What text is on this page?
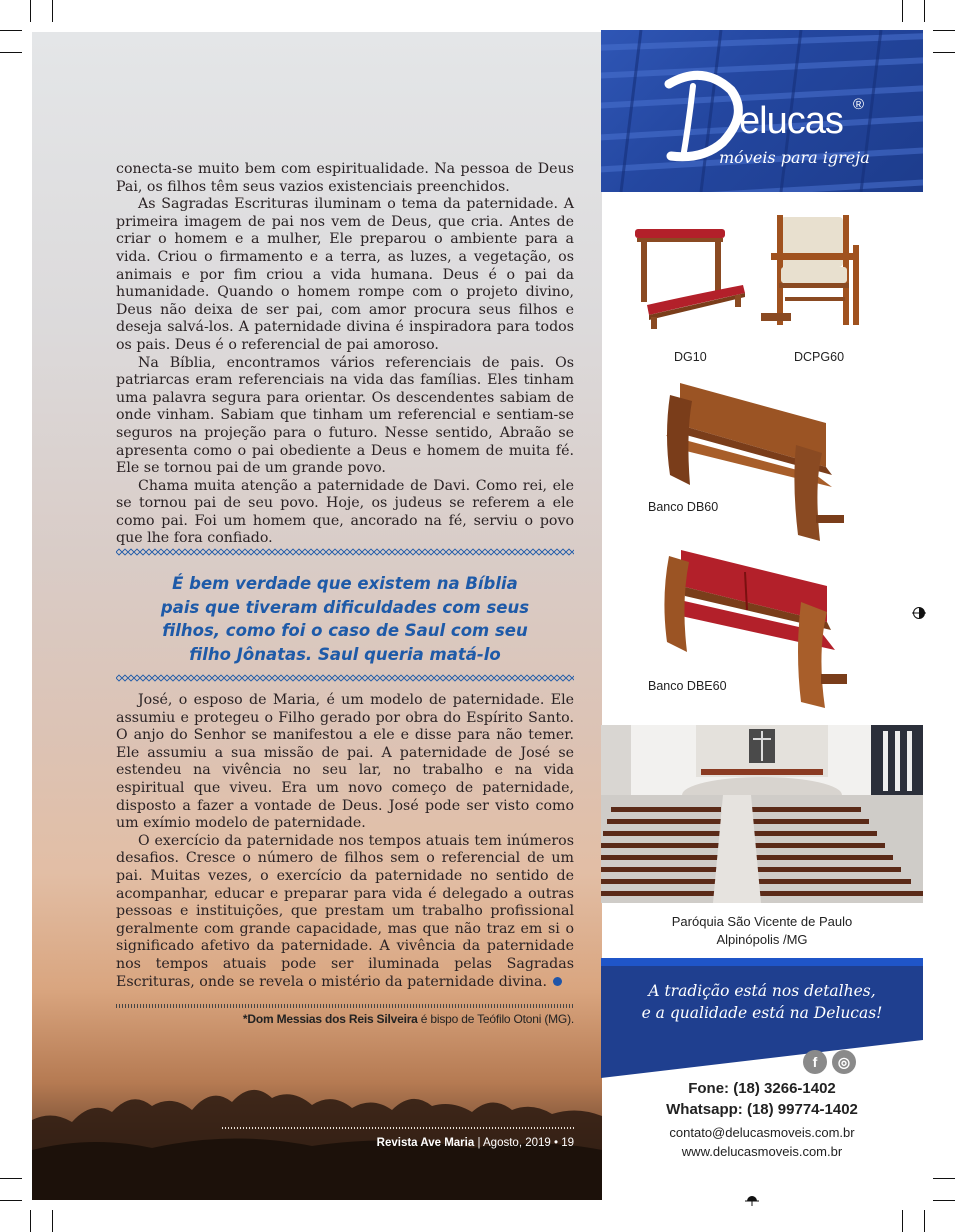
conecta-se muito bem com espiritualidade. Na pessoa de Deus Pai, os filhos têm seus vazios existenciais preenchidos.

As Sagradas Escrituras iluminam o tema da paternidade. A primeira imagem de pai nos vem de Deus, que cria. Antes de criar o homem e a mulher, Ele preparou o ambiente para a vida. Criou o firmamento e a terra, as luzes, a vegetação, os animais e por fim criou a vida humana. Deus é o pai da humanidade. Quando o homem rompe com o projeto divino, Deus não deixa de ser pai, com amor procura seus filhos e deseja salvá-los. A paternidade divina é inspiradora para todos os pais. Deus é o referencial de pai amoroso.

Na Bíblia, encontramos vários referenciais de pais. Os patriarcas eram referenciais na vida das famílias. Eles tinham uma palavra segura para orientar. Os descendentes sabiam de onde vinham. Sabiam que tinham um referencial e sentiam-se seguros na projeção para o futuro. Nesse sentido, Abraão se apresenta como o pai obediente a Deus e homem de muita fé. Ele se tornou pai de um grande povo.

Chama muita atenção a paternidade de Davi. Como rei, ele se tornou pai de seu povo. Hoje, os judeus se referem a ele como pai. Foi um homem que, ancorado na fé, serviu o povo que lhe fora confiado.

É bem verdade que existem na Bíblia
pais que tiveram dificuldades com seus
filhos, como foi o caso de Saul com seu
filho Jônatas. Saul queria matá-lo

José, o esposo de Maria, é um modelo de paternidade. Ele assumiu e protegeu o Filho gerado por obra do Espírito Santo. O anjo do Senhor se manifestou a ele e disse para não temer. Ele assumiu a sua missão de pai. A paternidade de José se estendeu na vivência no seu lar, no trabalho e na vida espiritual que viveu. Era um novo começo de paternidade, disposto a fazer a vontade de Deus. José pode ser visto como um exímio modelo de paternidade.

O exercício da paternidade nos tempos atuais tem inúmeros desafios. Cresce o número de filhos sem o referencial de um pai. Muitas vezes, o exercício da paternidade no sentido de acompanhar, educar e preparar para vida é delegado a outras pessoas e instituições, que prestam um trabalho profissional geralmente com grande capacidade, mas que não traz em si o significado afetivo da paternidade. A vivência da paternidade nos tempos atuais pode ser iluminada pelas Sagradas Escrituras, onde se revela o mistério da paternidade divina.

*Dom Messias dos Reis Silveira é bispo de Teófilo Otoni (MG).
Revista Ave Maria | Agosto, 2019 • 19
elucas ®
móveis para igreja
DG10	DCPG60
Banco DB60
Banco DBE60
Paróquia São Vicente de Paulo
Alpinópolis /MG
A tradição está nos detalhes,
e a qualidade está na Delucas!
f	◎
Fone: (18) 3266-1402
Whatsapp: (18) 99774-1402
contato@delucasmoveis.com.br
www.delucasmoveis.com.br
